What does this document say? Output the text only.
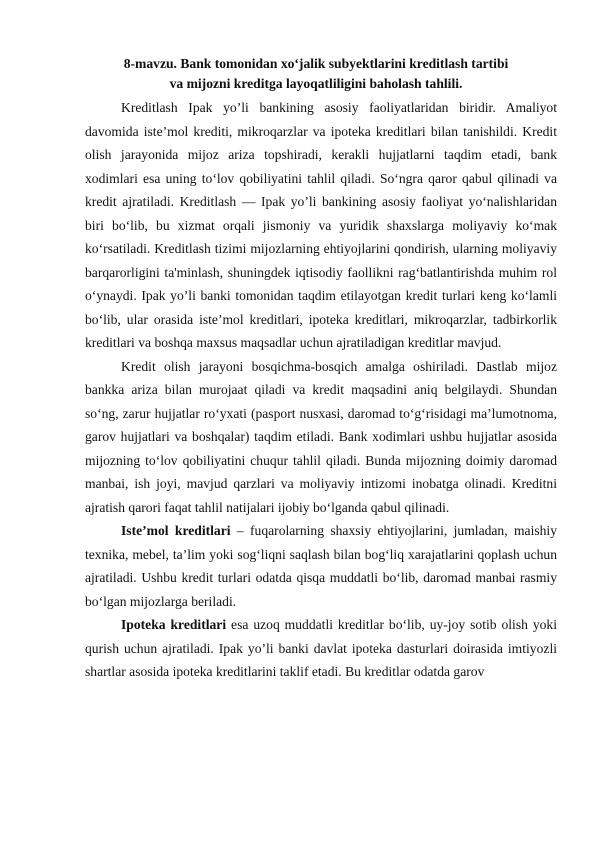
8-mavzu. Bank tomonidan xo‘jalik subyektlarini kreditlash tartibi
va mijozni kreditga layoqatliligini baholash tahlili.

Kreditlash Ipak yo’li bankining asosiy faoliyatlaridan biridir. Amaliyot davomida iste’mol krediti, mikroqarzlar va ipoteka kreditlari bilan tanishildi. Kredit olish jarayonida mijoz ariza topshiradi, kerakli hujjatlarni taqdim etadi, bank xodimlari esa uning to‘lov qobiliyatini tahlil qiladi. So‘ngra qaror qabul qilinadi va kredit ajratiladi. Kreditlash — Ipak yo’li bankining asosiy faoliyat yo‘nalishlaridan biri bo‘lib, bu xizmat orqali jismoniy va yuridik shaxslarga moliyaviy ko‘mak ko‘rsatiladi. Kreditlash tizimi mijozlarning ehtiyojlarini qondirish, ularning moliyaviy barqarorligini ta'minlash, shuningdek iqtisodiy faollikni rag‘batlantirishda muhim rol o‘ynaydi. Ipak yo’li banki tomonidan taqdim etilayotgan kredit turlari keng ko‘lamli bo‘lib, ular orasida iste’mol kreditlari, ipoteka kreditlari, mikroqarzlar, tadbirkorlik kreditlari va boshqa maxsus maqsadlar uchun ajratiladigan kreditlar mavjud.

Kredit olish jarayoni bosqichma-bosqich amalga oshiriladi. Dastlab mijoz bankka ariza bilan murojaat qiladi va kredit maqsadini aniq belgilaydi. Shundan so‘ng, zarur hujjatlar ro‘yxati (pasport nusxasi, daromad to‘g‘risidagi ma’lumotnoma, garov hujjatlari va boshqalar) taqdim etiladi. Bank xodimlari ushbu hujjatlar asosida mijozning to‘lov qobiliyatini chuqur tahlil qiladi. Bunda mijozning doimiy daromad manbai, ish joyi, mavjud qarzlari va moliyaviy intizomi inobatga olinadi. Kreditni ajratish qarori faqat tahlil natijalari ijobiy bo‘lganda qabul qilinadi.

Iste’mol kreditlari – fuqarolarning shaxsiy ehtiyojlarini, jumladan, maishiy texnika, mebel, ta’lim yoki sog‘liqni saqlash bilan bog‘liq xarajatlarini qoplash uchun ajratiladi. Ushbu kredit turlari odatda qisqa muddatli bo‘lib, daromad manbai rasmiy bo‘lgan mijozlarga beriladi.

Ipoteka kreditlari esa uzoq muddatli kreditlar bo‘lib, uy-joy sotib olish yoki qurish uchun ajratiladi. Ipak yo’li banki davlat ipoteka dasturlari doirasida imtiyozli shartlar asosida ipoteka kreditlarini taklif etadi. Bu kreditlar odatda garov
